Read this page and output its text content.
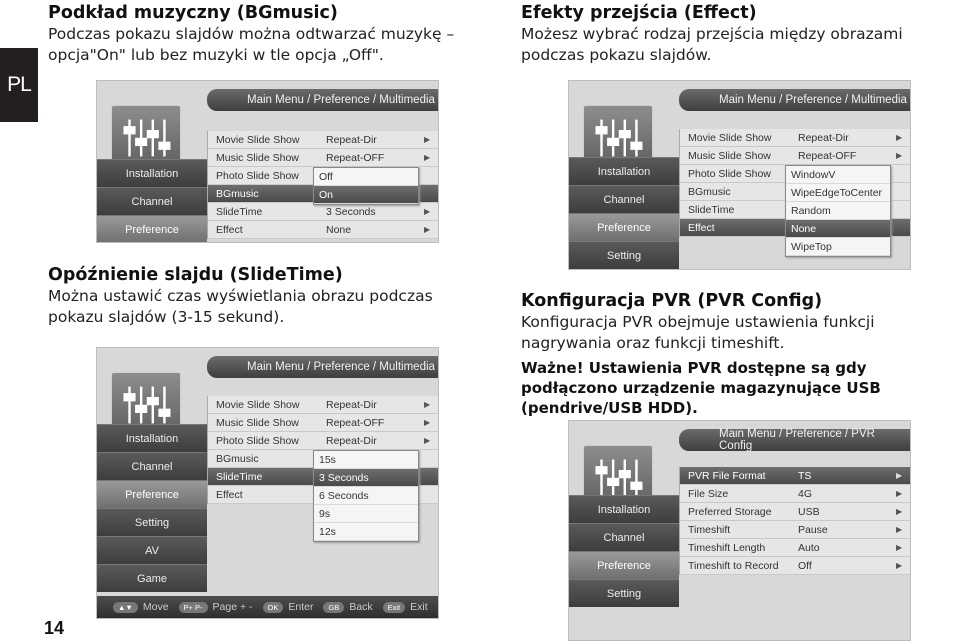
PL
14
Podkład muzyczny (BGmusic)
Podczas pokazu slajdów można odtwarzać muzykę – opcja"On" lub bez muzyki w tle opcja „Off".
Efekty przejścia (Effect)
Możesz wybrać rodzaj przejścia między obrazami podczas pokazu slajdów.
Opóźnienie slajdu (SlideTime)
Można ustawić czas wyświetlania obrazu podczas pokazu slajdów (3-15 sekund).
Konfiguracja PVR (PVR Config)
Konfiguracja PVR obejmuje ustawienia funkcji nagrywania oraz funkcji timeshift.
Ważne! Ustawienia PVR dostępne są gdy podłączono urządzenie magazynujące USB (pendrive/USB HDD).
Main Menu / Preference / Multimedia
Installation
Channel
Preference
Movie Slide Show	Repeat-Dir	▶
Music Slide Show	Repeat-OFF	▶
Photo Slide Show
BGmusic
SlideTime	3 Seconds	▶
Effect	None	▶
Off
On
Main Menu / Preference / Multimedia
Installation
Channel
Preference
Setting
Movie Slide Show	Repeat-Dir	▶
Music Slide Show	Repeat-OFF	▶
Photo Slide Show
BGmusic
SlideTime
Effect
WindowV
WipeEdgeToCenter
Random
None
WipeTop
Main Menu / Preference / Multimedia
Installation
Channel
Preference
Setting
AV
Game
Movie Slide Show	Repeat-Dir	▶
Music Slide Show	Repeat-OFF	▶
Photo Slide Show	Repeat-Dir	▶
BGmusic
SlideTime
Effect
15s
3 Seconds
6 Seconds
9s
12s
▲▼ Move	P+ P- Page + -	OK Enter	GB Back	Exit Exit
Main Menu / Preference / PVR Config
Installation
Channel
Preference
Setting
PVR File Format	TS	▶
File Size	4G	▶
Preferred Storage	USB	▶
Timeshift	Pause	▶
Timeshift Length	Auto	▶
Timeshift to Record	Off	▶
